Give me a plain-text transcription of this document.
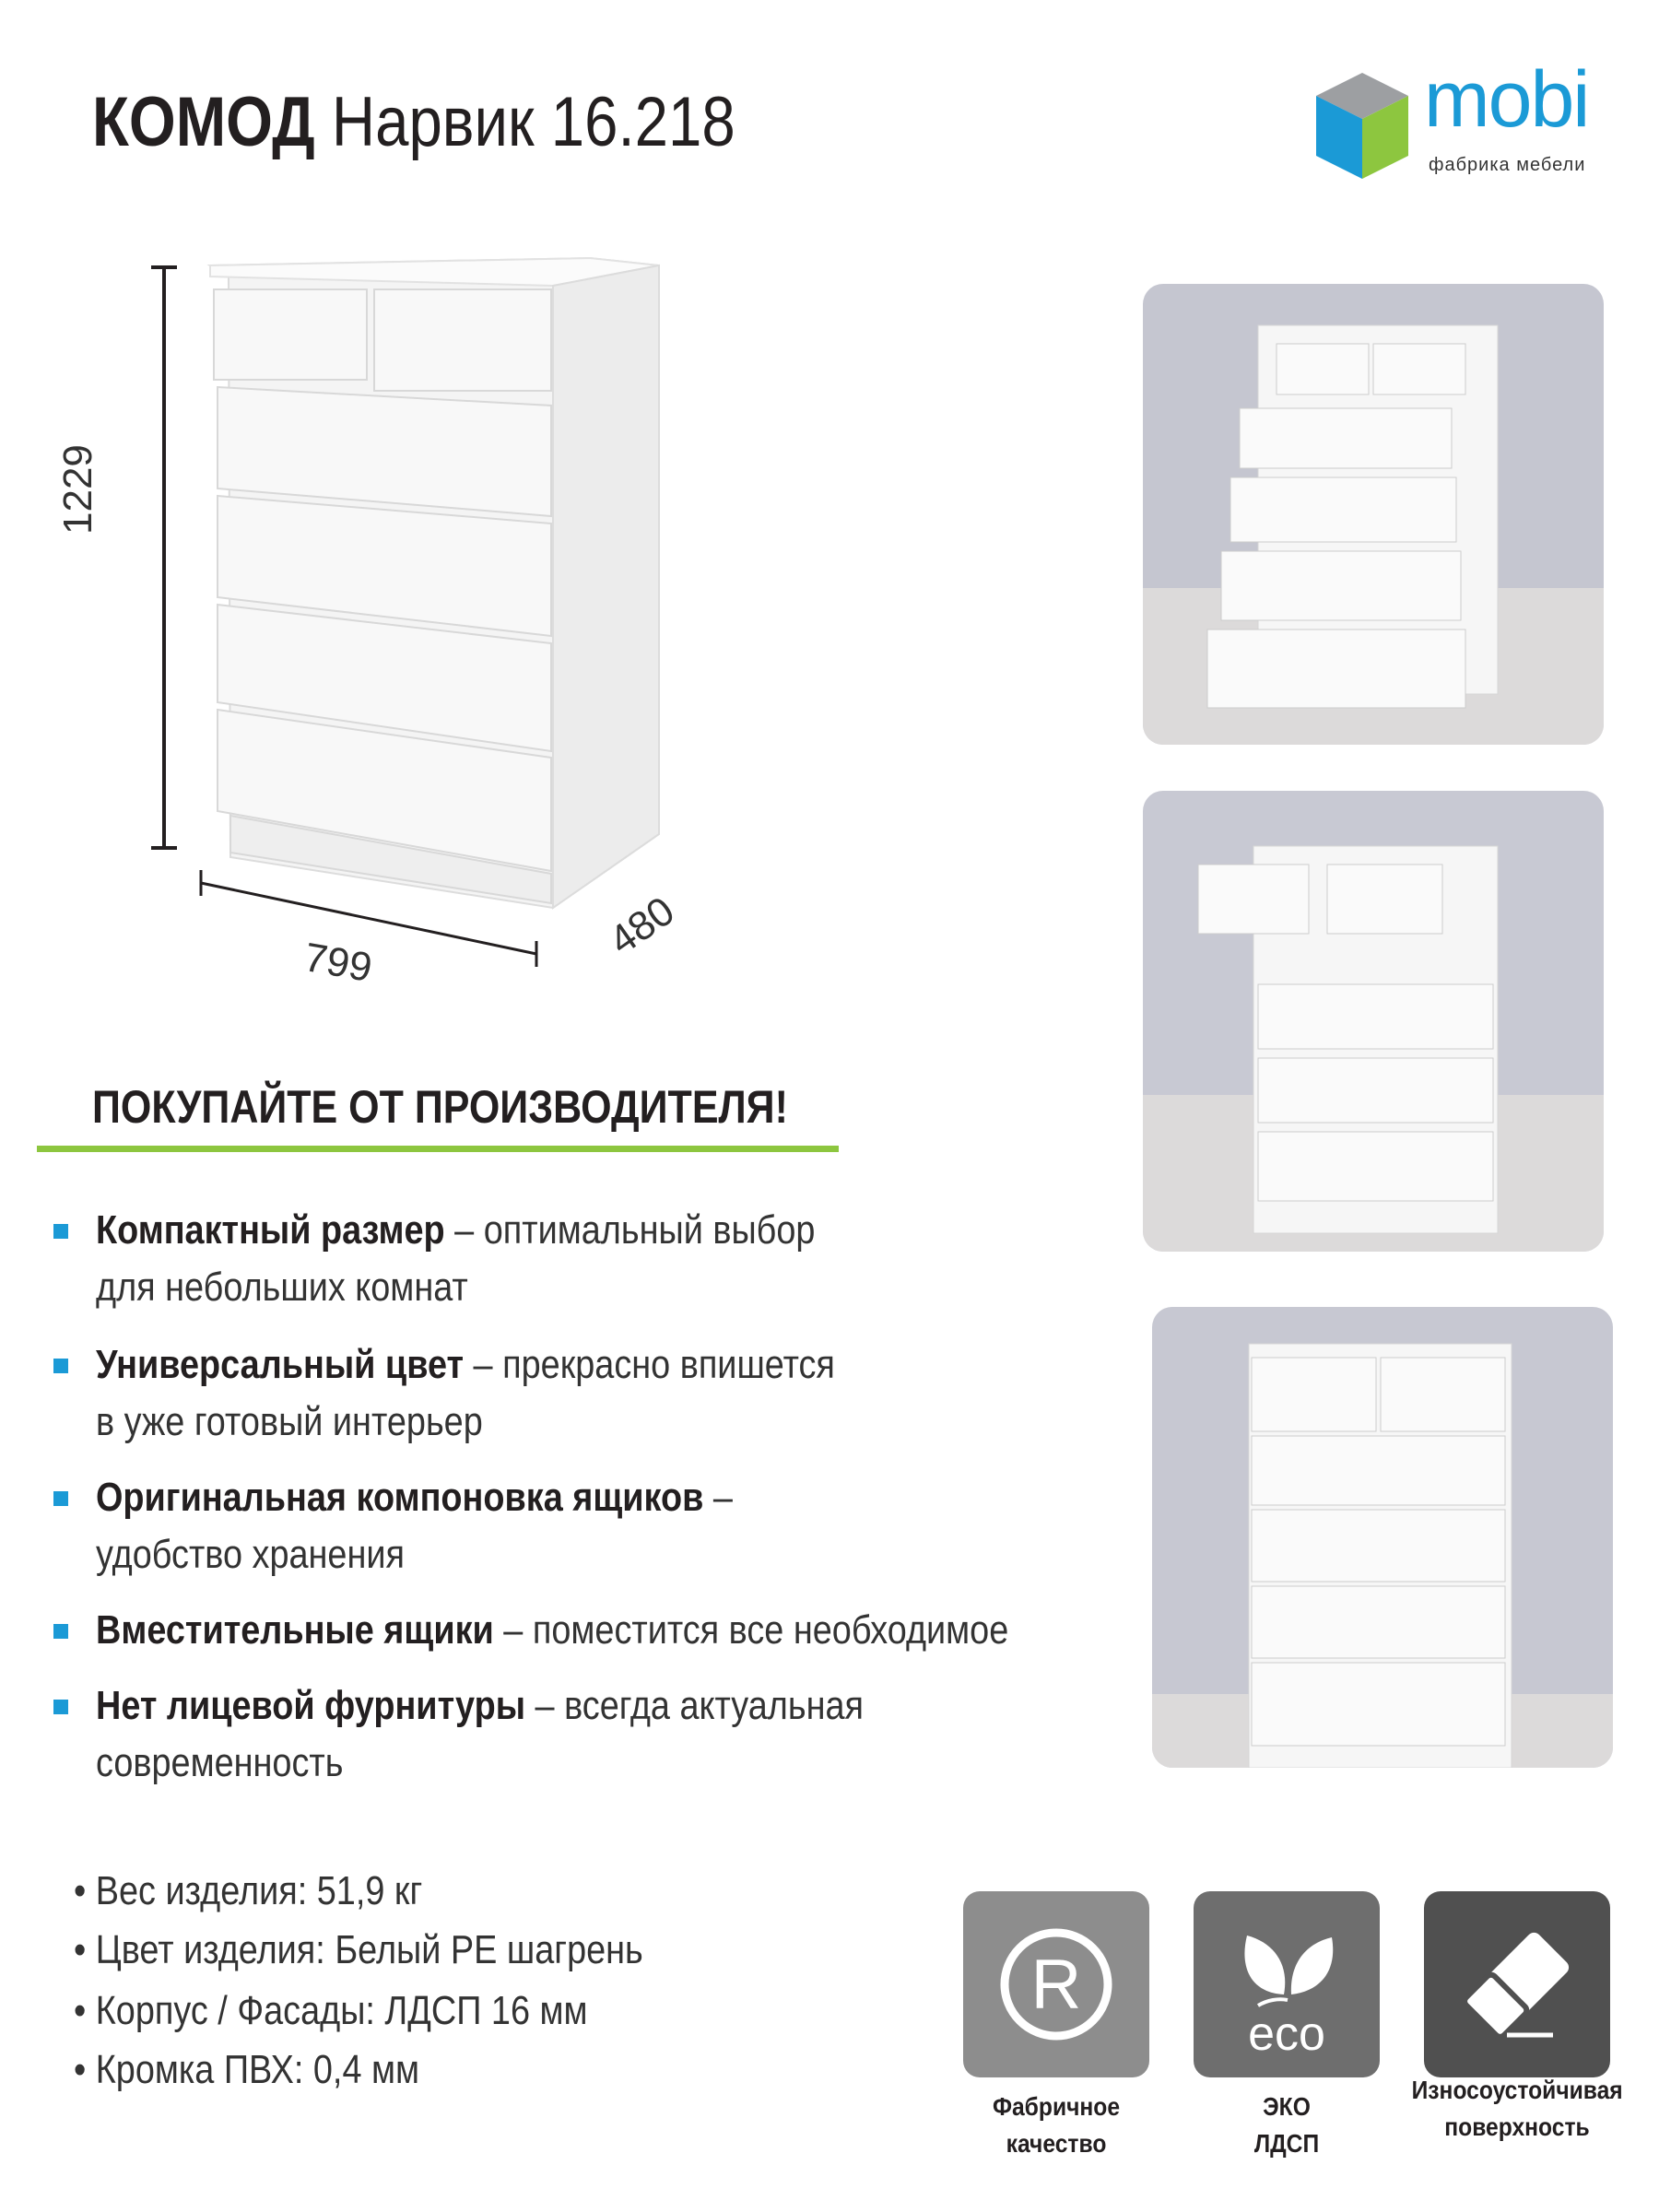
КОМОД Нарвик 16.218	mobi
фабрика мебели
1229
799	480
ПОКУПАЙТЕ ОТ ПРОИЗВОДИТЕЛЯ!
Компактный размер – оптимальный выбор
для небольших комнат
Универсальный цвет – прекрасно впишется
в уже готовый интерьер
Оригинальная компоновка ящиков –
удобство хранения
Вместительные ящики – поместится все необходимое
Нет лицевой фурнитуры – всегда актуальная
современность
• Вес изделия: 51,9 кг
• Цвет изделия: Белый PE шагрень
• Корпус / Фасады: ЛДСП 16 мм
• Кромка ПВХ: 0,4 мм
R
eco
Фабричное
качество
ЭКО
ЛДСП
Износоустойчивая
поверхность
